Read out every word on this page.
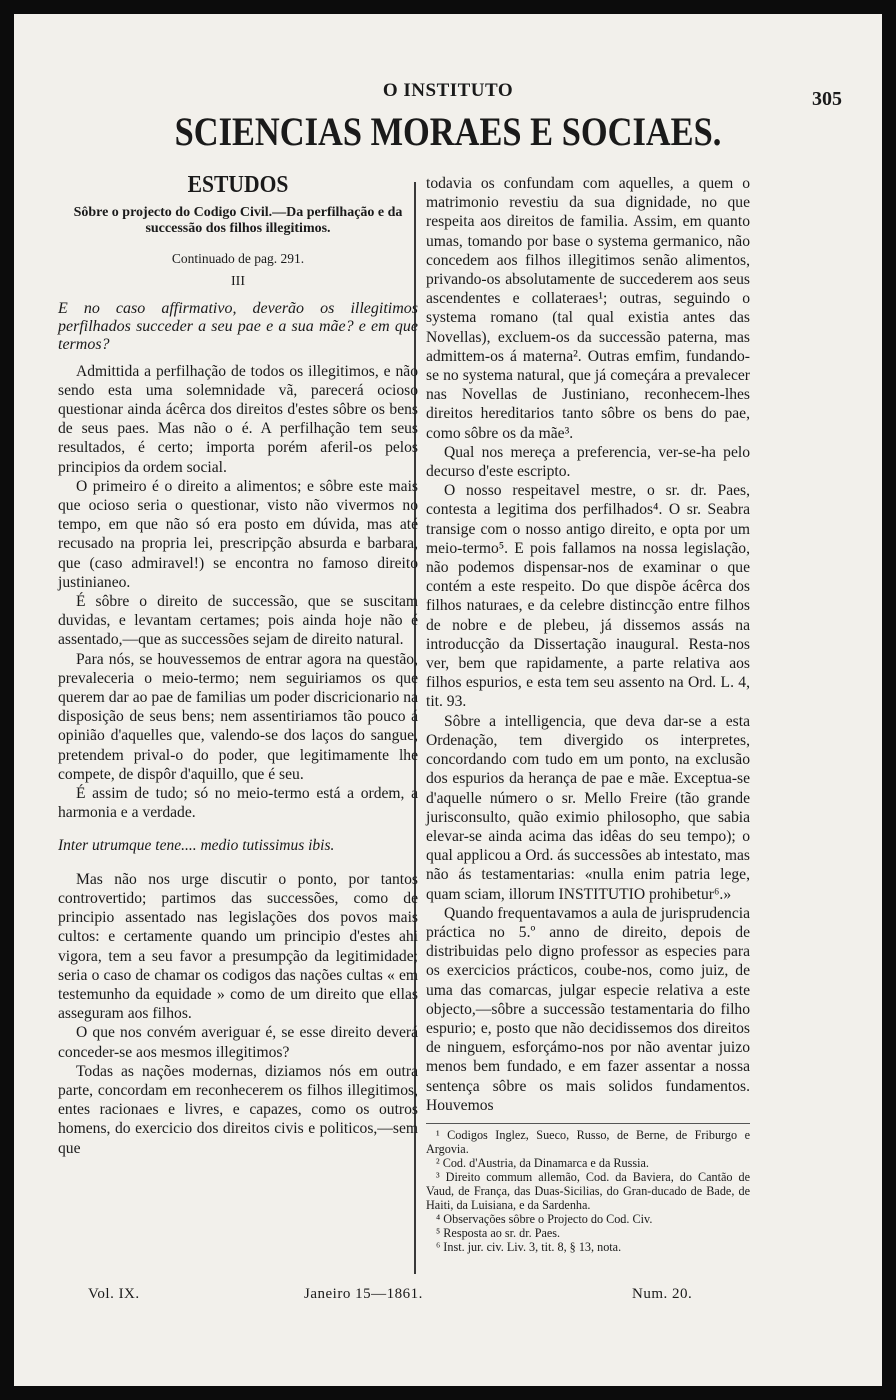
O INSTITUTO	305
SCIENCIAS MORAES E SOCIAES.
ESTUDOS
Sôbre o projecto do Codigo Civil.—Da perfilhação e da successão dos filhos illegitimos.
Continuado de pag. 291.
III
E no caso affirmativo, deverão os illegitimos perfilhados succeder a seu pae e a sua mãe? e em que termos?

Admittida a perfilhação de todos os illegitimos, e não sendo esta uma solemnidade vã, parecerá ocioso questionar ainda ácêrca dos direitos d'estes sôbre os bens de seus paes. Mas não o é. A perfilhação tem seus resultados, é certo; importa porém aferil-os pelos principios da ordem social.

O primeiro é o direito a alimentos; e sôbre este mais que ocioso seria o questionar, visto não vivermos no tempo, em que não só era posto em dúvida, mas até recusado na propria lei, prescripção absurda e barbara, que (caso admiravel!) se encontra no famoso direito justinianeo.

É sôbre o direito de successão, que se suscitam duvidas, e levantam certames; pois ainda hoje não é assentado,—que as successões sejam de direito natural.

Para nós, se houvessemos de entrar agora na questão, prevaleceria o meio-termo; nem seguiriamos os que querem dar ao pae de familias um poder discricionario na disposição de seus bens; nem assentiriamos tão pouco á opinião d'aquelles que, valendo-se dos laços do sangue, pretendem prival-o do poder, que legitimamente lhe compete, de dispôr d'aquillo, que é seu.

É assim de tudo; só no meio-termo está a ordem, a harmonia e a verdade.

Inter utrumque tene.... medio tutissimus ibis.

Mas não nos urge discutir o ponto, por tantos controvertido; partimos das successões, como de principio assentado nas legislações dos povos mais cultos: e certamente quando um principio d'estes ahi vigora, tem a seu favor a presumpção da legitimidade; seria o caso de chamar os codigos das nações cultas « em testemunho da equidade » como de um direito que ellas asseguram aos filhos.

O que nos convém averiguar é, se esse direito deverá conceder-se aos mesmos illegitimos?

Todas as nações modernas, diziamos nós em outra parte, concordam em reconhecerem os filhos illegitimos, entes racionaes e livres, e capazes, como os outros homens, do exercicio dos direitos civis e politicos,—sem que

todavia os confundam com aquelles, a quem o matrimonio revestiu da sua dignidade, no que respeita aos direitos de familia. Assim, em quanto umas, tomando por base o systema germanico, não concedem aos filhos illegitimos senão alimentos, privando-os absolutamente de succederem aos seus ascendentes e collateraes¹; outras, seguindo o systema romano (tal qual existia antes das Novellas), excluem-os da successão paterna, mas admittem-os á materna². Outras emfim, fundando-se no systema natural, que já começára a prevalecer nas Novellas de Justiniano, reconhecem-lhes direitos hereditarios tanto sôbre os bens do pae, como sôbre os da mãe³.

Qual nos mereça a preferencia, ver-se-ha pelo decurso d'este escripto.

O nosso respeitavel mestre, o sr. dr. Paes, contesta a legitima dos perfilhados⁴. O sr. Seabra transige com o nosso antigo direito, e opta por um meio-termo⁵. E pois fallamos na nossa legislação, não podemos dispensar-nos de examinar o que contém a este respeito. Do que dispõe ácêrca dos filhos naturaes, e da celebre distincção entre filhos de nobre e de plebeu, já dissemos assás na introducção da Dissertação inaugural. Resta-nos ver, bem que rapidamente, a parte relativa aos filhos espurios, e esta tem seu assento na Ord. L. 4, tit. 93.

Sôbre a intelligencia, que deva dar-se a esta Ordenação, tem divergido os interpretes, concordando com tudo em um ponto, na exclusão dos espurios da herança de pae e mãe. Exceptua-se d'aquelle número o sr. Mello Freire (tão grande jurisconsulto, quão eximio philosopho, que sabia elevar-se ainda acima das idêas do seu tempo); o qual applicou a Ord. ás successões ab intestato, mas não ás testamentarias: «nulla enim patria lege, quam sciam, illorum INSTITUTIO prohibetur⁶.»

Quando frequentavamos a aula de jurisprudencia práctica no 5.º anno de direito, depois de distribuidas pelo digno professor as especies para os exercicios prácticos, coube-nos, como juiz, de uma das comarcas, julgar especie relativa a este objecto,—sôbre a successão testamentaria do filho espurio; e, posto que não decidissemos dos direitos de ninguem, esforçámo-nos por não aventar juizo menos bem fundado, e em fazer assentar a nossa sentença sôbre os mais solidos fundamentos. Houvemos

¹ Codigos Inglez, Sueco, Russo, de Berne, de Friburgo e Argovia.

² Cod. d'Austria, da Dinamarca e da Russia.

³ Direito commum allemão, Cod. da Baviera, do Cantão de Vaud, de França, das Duas-Sicilias, do Gran-ducado de Bade, de Haiti, da Luisiana, e da Sardenha.

⁴ Observações sôbre o Projecto do Cod. Civ.

⁵ Resposta ao sr. dr. Paes.

⁶ Inst. jur. civ. Liv. 3, tit. 8, § 13, nota.

Vol. IX.	Janeiro 15—1861.	Num. 20.
